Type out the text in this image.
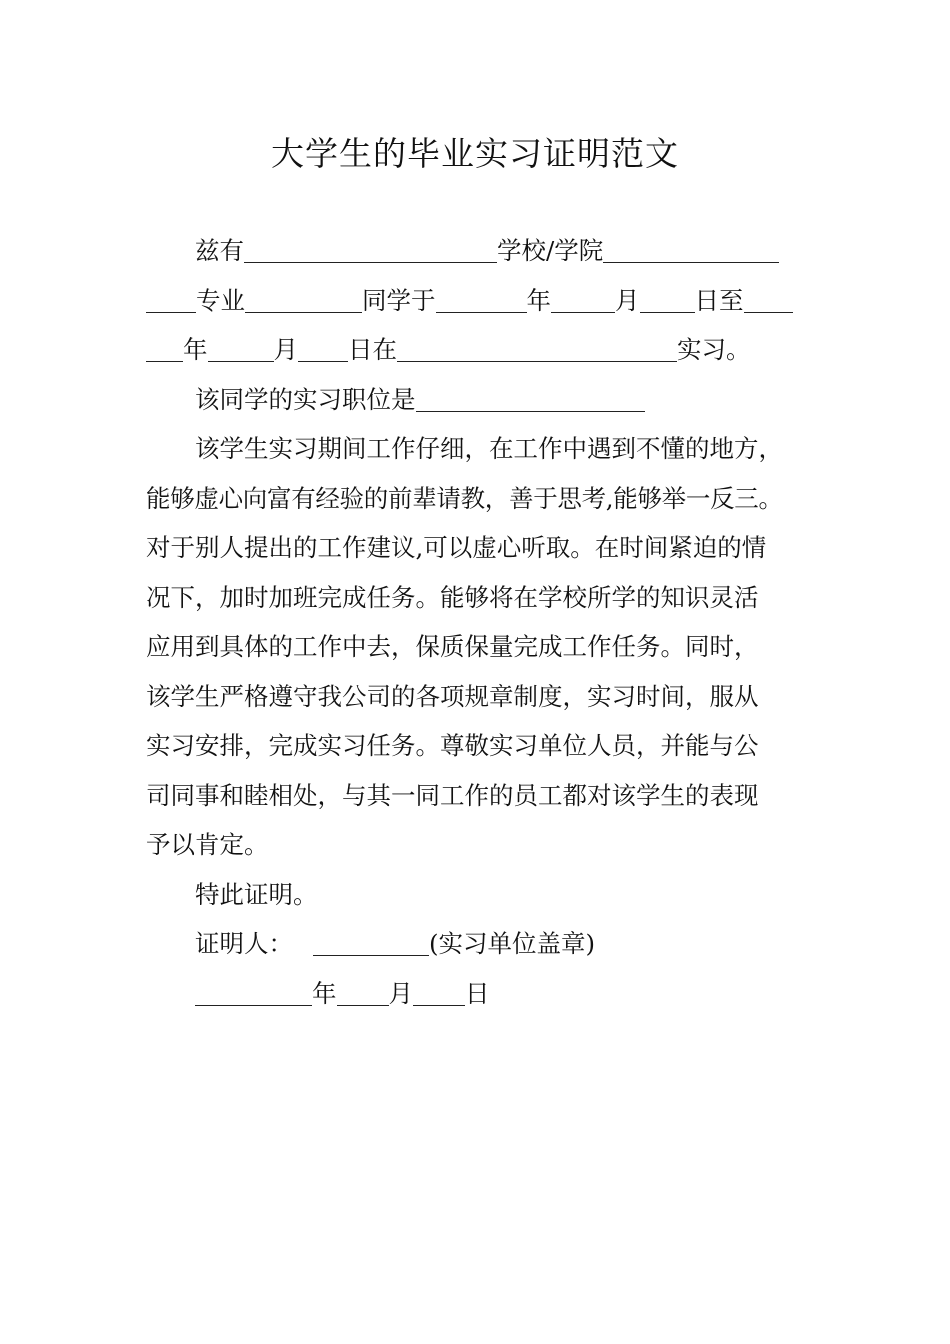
大学生的毕业实习证明范文
兹有	学校/学院
专业	同学于	年	月 日至
年	月 日在	实习。
该同学的实习职位是
该学生实习期间工作仔细，在工作中遇到不懂的地方，
能够虚心向富有经验的前辈请教，善于思考,能够举一反三。
对于别人提出的工作建议,可以虚心听取。在时间紧迫的情
况下，加时加班完成任务。能够将在学校所学的知识灵活
应用到具体的工作中去，保质保量完成工作任务。同时，
该学生严格遵守我公司的各项规章制度，实习时间，服从
实习安排，完成实习任务。尊敬实习单位人员，并能与公
司同事和睦相处，与其一同工作的员工都对该学生的表现
予以肯定。
特此证明。
证明人：	(实习单位盖章)
年 月 日
